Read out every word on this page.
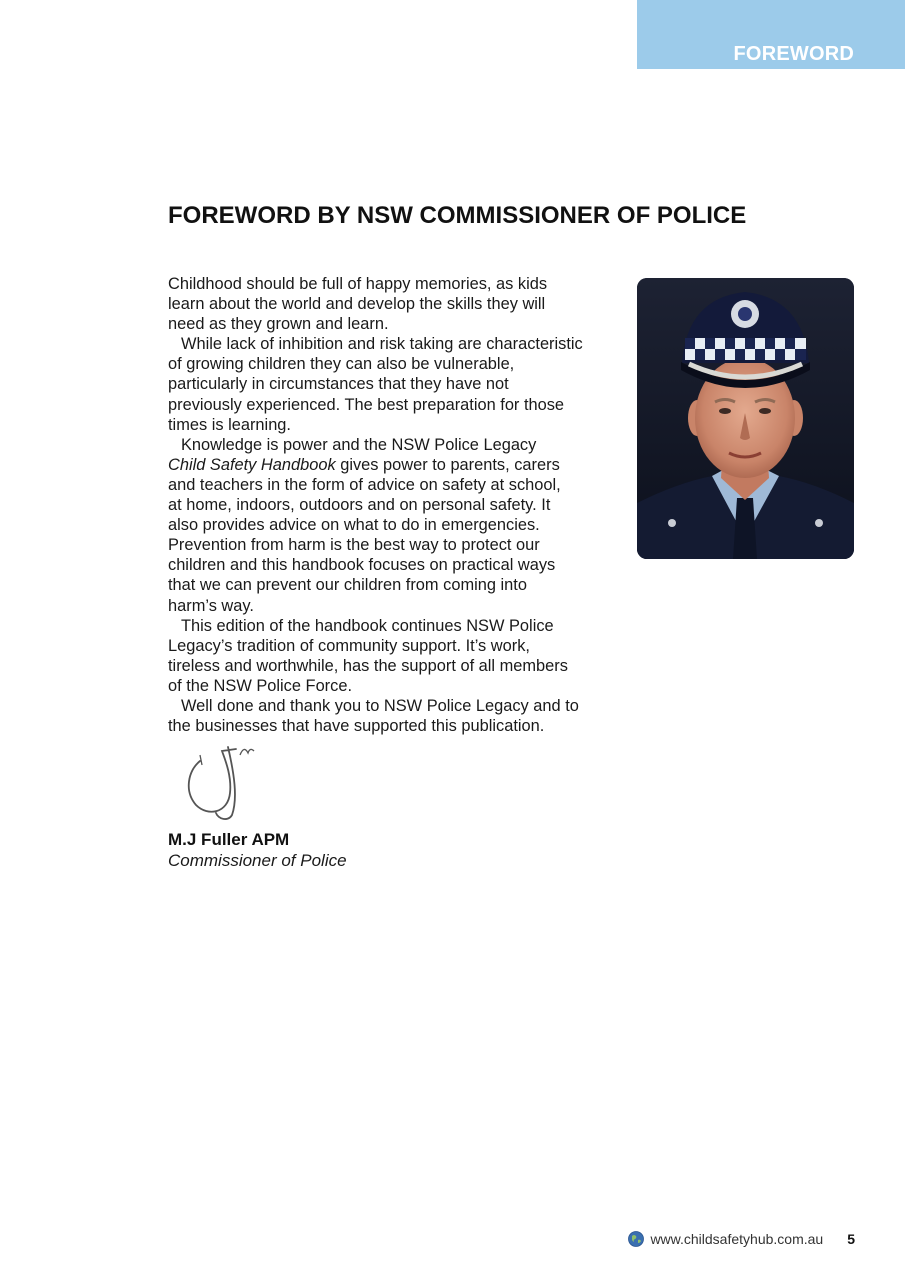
FOREWORD
FOREWORD BY NSW COMMISSIONER OF POLICE
Childhood should be full of happy memories, as kids
learn about the world and develop the skills they will
need as they grown and learn.
While lack of inhibition and risk taking are characteristic
of growing children they can also be vulnerable,
particularly in circumstances that they have not
previously experienced. The best preparation for those
times is learning.
Knowledge is power and the NSW Police Legacy
Child Safety Handbook gives power to parents, carers
and teachers in the form of advice on safety at school,
at home, indoors, outdoors and on personal safety. It
also provides advice on what to do in emergencies.
Prevention from harm is the best way to protect our
children and this handbook focuses on practical ways
that we can prevent our children from coming into
harm’s way.
This edition of the handbook continues NSW Police
Legacy’s tradition of community support. It’s work,
tireless and worthwhile, has the support of all members
of the NSW Police Force.
Well done and thank you to NSW Police Legacy and to
the businesses that have supported this publication.
M.J Fuller APM
Commissioner of Police
www.childsafetyhub.com.au 5
